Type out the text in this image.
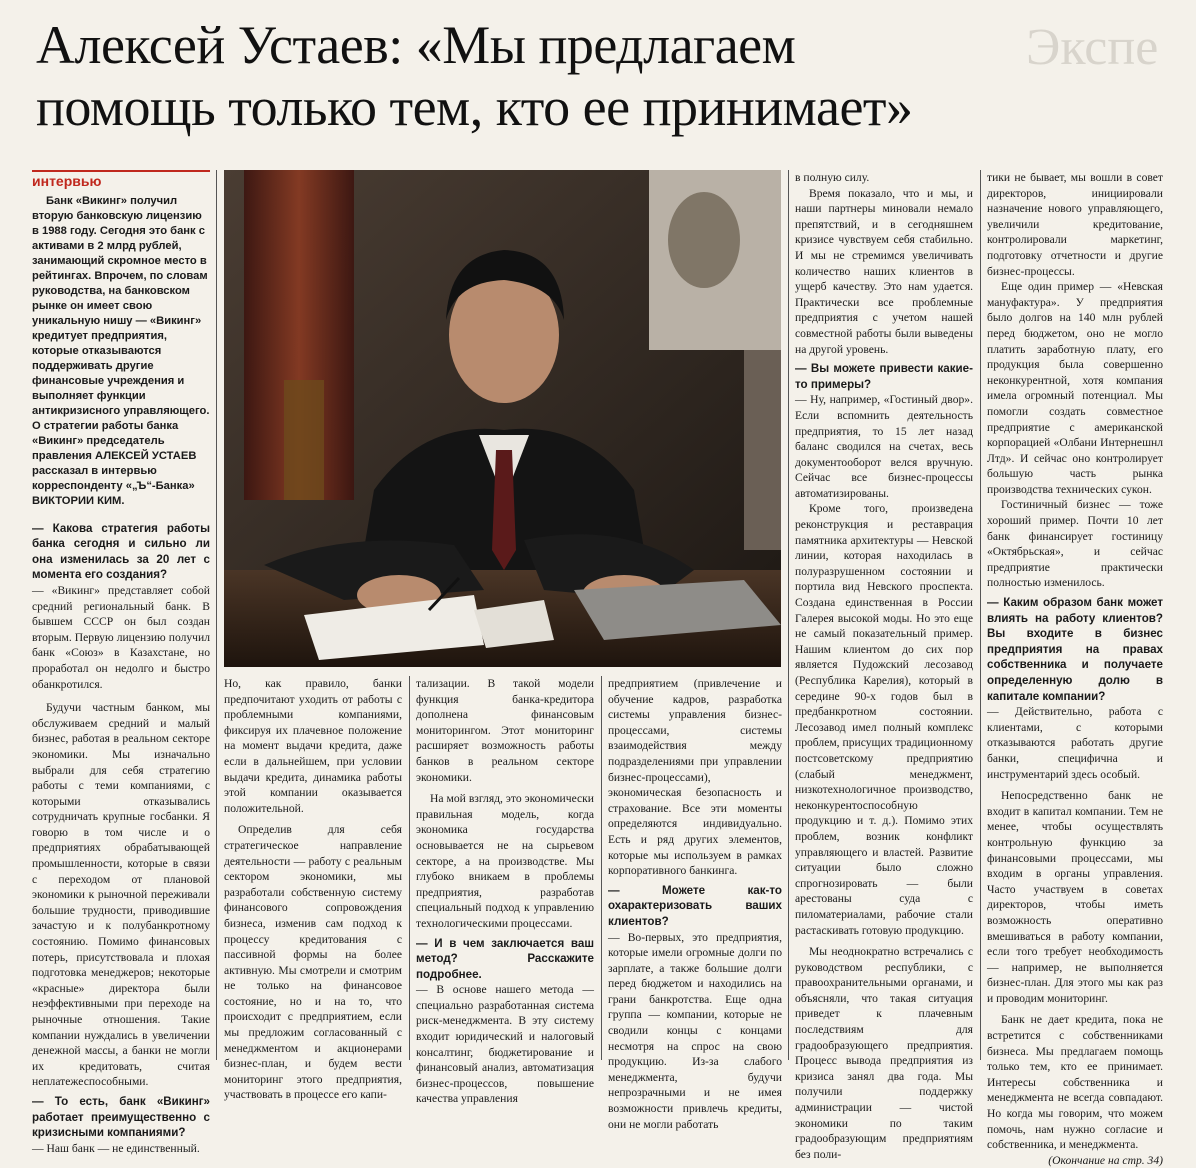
Алексей Устаев: «Мы предлагаем
помощь только тем, кто ее принимает»
Экспе
интервью

Банк «Викинг» получил вторую банковскую лицензию в 1988 году. Сегодня это банк с активами в 2 млрд рублей, занимающий скромное место в рейтингах. Впрочем, по словам руководства, на банковском рынке он имеет свою уникальную нишу — «Викинг» кредитует предприятия, которые отказываются поддерживать другие финансовые учреждения и выполняет функции антикризисного управляющего. О стратегии работы банка «Викинг» председатель правления АЛЕКСЕЙ УСТАЕВ рассказал в интервью корреспонденту «„Ъ“-Банка» ВИКТОРИИ КИМ.

— Какова стратегия работы банка сегодня и сильно ли она изменилась за 20 лет с момента его создания?

— «Викинг» представляет собой средний региональный банк. В бывшем СССР он был создан вторым. Первую лицензию получил банк «Союз» в Казахстане, но проработал он недолго и быстро обанкротился.

Будучи частным банком, мы обслуживаем средний и малый бизнес, работая в реальном секторе экономики. Мы изначально выбрали для себя стратегию работы с теми компаниями, с которыми отказывались сотрудничать крупные госбанки. Я говорю в том числе и о предприятиях обрабатывающей промышленности, которые в связи с переходом от плановой экономики к рыночной переживали большие трудности, приводившие зачастую и к полубанкротному состоянию. Помимо финансовых потерь, присутствовала и плохая подготовка менеджеров; некоторые «красные» директора были неэффективными при переходе на рыночные отношения. Такие компании нуждались в увеличении денежной массы, а банки не могли их кредитовать, считая неплатежеспособными.

— То есть, банк «Викинг» работает преимущественно с кризисными компаниями?

— Наш банк — не единственный.

Но, как правило, банки предпочитают уходить от работы с проблемными компаниями, фиксируя их плачевное положение на момент выдачи кредита, даже если в дальнейшем, при условии выдачи кредита, динамика работы этой компании оказывается положительной.

Определив для себя стратегическое направление деятельности — работу с реальным сектором экономики, мы разработали собственную систему финансового сопровождения бизнеса, изменив сам подход к процессу кредитования с пассивной формы на более активную. Мы смотрели и смотрим не только на финансовое состояние, но и на то, что происходит с предприятием, если мы предложим согласованный с менеджментом и акционерами бизнес-план, и будем вести мониторинг этого предприятия, участвовать в процессе его капи-

тализации. В такой модели функция банка-кредитора дополнена финансовым мониторингом. Этот мониторинг расширяет возможность работы банков в реальном секторе экономики.

На мой взгляд, это экономически правильная модель, когда экономика государства основывается не на сырьевом секторе, а на производстве. Мы глубоко вникаем в проблемы предприятия, разработав специальный подход к управлению технологическими процессами.

— И в чем заключается ваш метод? Расскажите подробнее.

— В основе нашего метода — специально разработанная система риск-менеджмента. В эту систему входит юридический и налоговый консалтинг, бюджетирование и финансовый анализ, автоматизация бизнес-процессов, повышение качества управления

предприятием (привлечение и обучение кадров, разработка системы управления бизнес-процессами, системы взаимодействия между подразделениями при управлении бизнес-процессами), экономическая безопасность и страхование. Все эти моменты определяются индивидуально. Есть и ряд других элементов, которые мы используем в рамках корпоративного банкинга.

— Можете как-то охарактеризовать ваших клиентов?

— Во-первых, это предприятия, которые имели огромные долги по зарплате, а также большие долги перед бюджетом и находились на грани банкротства. Еще одна группа — компании, которые не сводили концы с концами несмотря на спрос на свою продукцию. Из-за слабого менеджмента, будучи непрозрачными и не имея возможности привлечь кредиты, они не могли работать

в полную силу.

Время показало, что и мы, и наши партнеры миновали немало препятствий, и в сегодняшнем кризисе чувствуем себя стабильно. И мы не стремимся увеличивать количество наших клиентов в ущерб качеству. Это нам удается. Практически все проблемные предприятия с учетом нашей совместной работы были выведены на другой уровень.

— Вы можете привести какие-то примеры?

— Ну, например, «Гостиный двор». Если вспомнить деятельность предприятия, то 15 лет назад баланс сводился на счетах, весь документооборот велся вручную. Сейчас все бизнес-процессы автоматизированы.

Кроме того, произведена реконструкция и реставрация памятника архитектуры — Невской линии, которая находилась в полуразрушенном состоянии и портила вид Невского проспекта. Создана единственная в России Галерея высокой моды. Но это еще не самый показательный пример. Нашим клиентом до сих пор является Пудожский лесозавод (Республика Карелия), который в середине 90-х годов был в предбанкротном состоянии. Лесозавод имел полный комплекс проблем, присущих традиционному постсоветскому предприятию (слабый менеджмент, низкотехнологичное производство, неконкурентоспособную продукцию и т. д.). Помимо этих проблем, возник конфликт управляющего и властей. Развитие ситуации было сложно спрогнозировать — были арестованы суда с пиломатериалами, рабочие стали растаскивать готовую продукцию.

Мы неоднократно встречались с руководством республики, с правоохранительными органами, и объясняли, что такая ситуация приведет к плачевным последствиям для градообразующего предприятия. Процесс вывода предприятия из кризиса занял два года. Мы получили поддержку администрации — чистой экономики по таким градообразующим предприятиям без поли-

тики не бывает, мы вошли в совет директоров, инициировали назначение нового управляющего, увеличили кредитование, контролировали маркетинг, подготовку отчетности и другие бизнес-процессы.

Еще один пример — «Невская мануфактура». У предприятия было долгов на 140 млн рублей перед бюджетом, оно не могло платить заработную плату, его продукция была совершенно неконкурентной, хотя компания имела огромный потенциал. Мы помогли создать совместное предприятие с американской корпорацией «Олбани Интернешнл Лтд». И сейчас оно контролирует большую часть рынка производства технических сукон.

Гостиничный бизнес — тоже хороший пример. Почти 10 лет банк финансирует гостиницу «Октябрьская», и сейчас предприятие практически полностью изменилось.

— Каким образом банк может влиять на работу клиентов? Вы входите в бизнес предприятия на правах собственника и получаете определенную долю в капитале компании?

— Действительно, работа с клиентами, с которыми отказываются работать другие банки, специфична и инструментарий здесь особый.

Непосредственно банк не входит в капитал компании. Тем не менее, чтобы осуществлять контрольную функцию за финансовыми процессами, мы входим в органы управления. Часто участвуем в советах директоров, чтобы иметь возможность оперативно вмешиваться в работу компании, если того требует необходимость — например, не выполняется бизнес-план. Для этого мы как раз и проводим мониторинг.

Банк не дает кредита, пока не встретится с собственниками бизнеса. Мы предлагаем помощь только тем, кто ее принимает. Интересы собственника и менеджмента не всегда совпадают. Но когда мы говорим, что можем помочь, нам нужно согласие и собственника, и менеджмента.

(Окончание на стр. 34)
